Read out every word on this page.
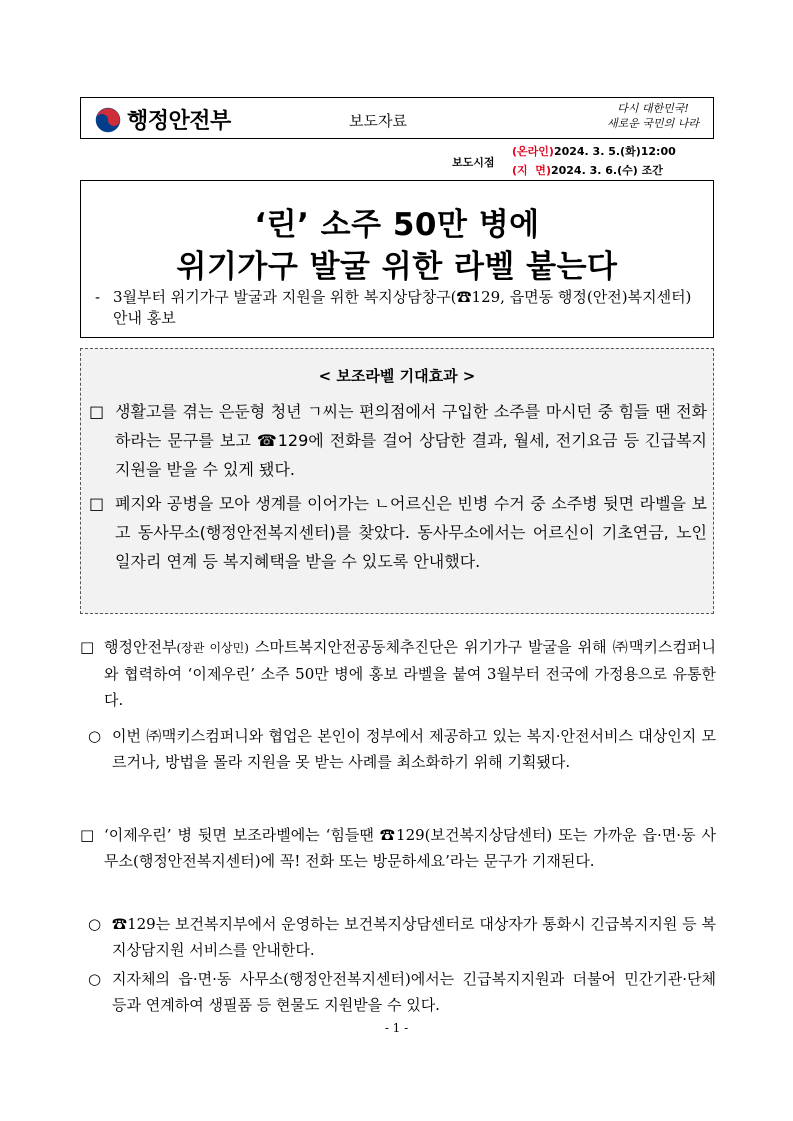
행정안전부	보도자료
다시 대한민국!
새로운 국민의 나라
보도시점
(온라인)2024. 3. 5.(화)12:00
(지  면)2024. 3. 6.(수) 조간
‘린’ 소주 50만 병에
위기가구 발굴 위한 라벨 붙는다
- 3월부터 위기가구 발굴과 지원을 위한 복지상담창구(☎129, 읍면동 행정(안전)복지센터) 안내 홍보
< 보조라벨 기대효과 >
□ 생활고를 겪는 은둔형 청년 ㄱ씨는 편의점에서 구입한 소주를 마시던 중 힘들 땐 전화하라는 문구를 보고 ☎129에 전화를 걸어 상담한 결과, 월세, 전기요금 등 긴급복지지원을 받을 수 있게 됐다.
□ 폐지와 공병을 모아 생계를 이어가는 ㄴ어르신은 빈병 수거 중 소주병 뒷면 라벨을 보고 동사무소(행정안전복지센터)를 찾았다. 동사무소에서는 어르신이 기초연금, 노인일자리 연계 등 복지혜택을 받을 수 있도록 안내했다.
□ 행정안전부(장관 이상민) 스마트복지안전공동체추진단은 위기가구 발굴을 위해 ㈜맥키스컴퍼니와 협력하여 ‘이제우린’ 소주 50만 병에 홍보 라벨을 붙여 3월부터 전국에 가정용으로 유통한다.
○ 이번 ㈜맥키스컴퍼니와 협업은 본인이 정부에서 제공하고 있는 복지·안전서비스 대상인지 모르거나, 방법을 몰라 지원을 못 받는 사례를 최소화하기 위해 기획됐다.
□ ‘이제우린’ 병 뒷면 보조라벨에는 ‘힘들땐 ☎129(보건복지상담센터) 또는 가까운 읍·면·동 사무소(행정안전복지센터)에 꼭! 전화 또는 방문하세요’라는 문구가 기재된다.
○ ☎129는 보건복지부에서 운영하는 보건복지상담센터로 대상자가 통화시 긴급복지지원 등 복지상담지원 서비스를 안내한다.
○ 지자체의 읍·면·동 사무소(행정안전복지센터)에서는 긴급복지지원과 더불어 민간기관·단체 등과 연계하여 생필품 등 현물도 지원받을 수 있다.
- 1 -
